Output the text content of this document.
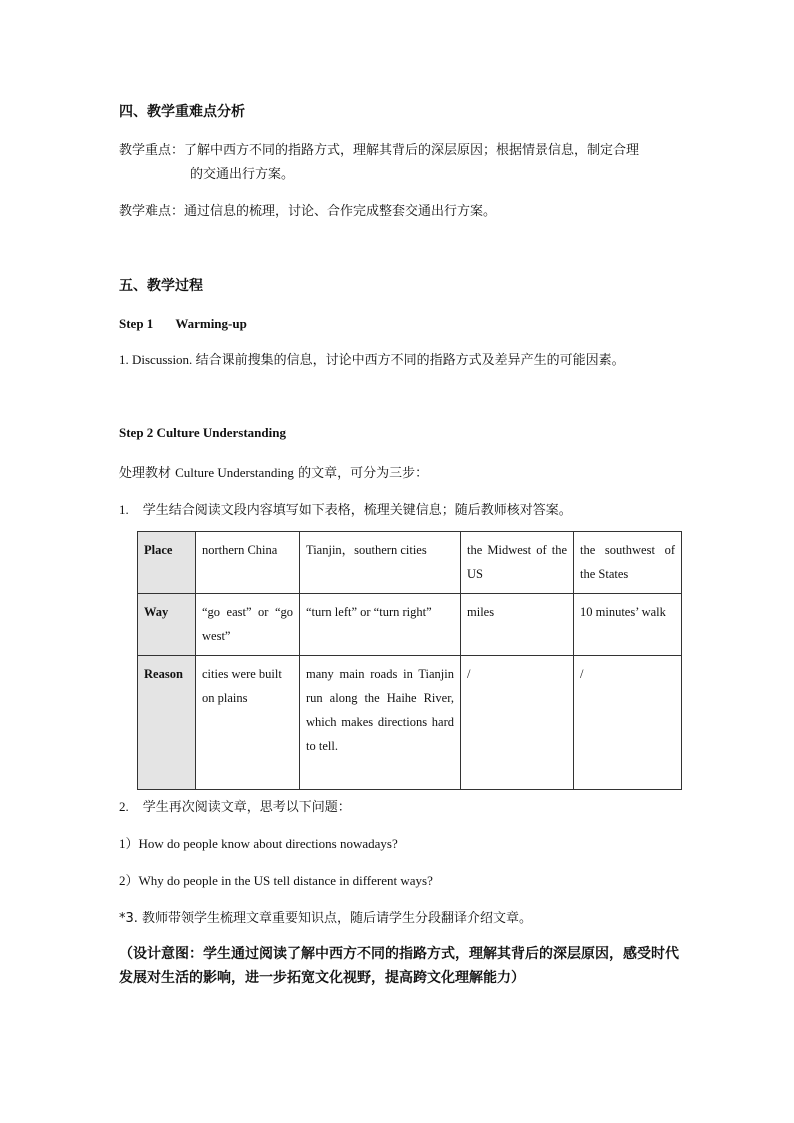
四、教学重难点分析
教学重点：了解中西方不同的指路方式，理解其背后的深层原因；根据情景信息，制定合理
的交通出行方案。
教学难点：通过信息的梳理，讨论、合作完成整套交通出行方案。
五、教学过程
Step 1 Warming-up
1. Discussion. 结合课前搜集的信息，讨论中西方不同的指路方式及差异产生的可能因素。
Step 2 Culture Understanding
处理教材 Culture Understanding 的文章，可分为三步：
1. 学生结合阅读文段内容填写如下表格，梳理关键信息；随后教师核对答案。
Place	northern China	Tianjin，southern cities	the Midwest of the US	the southwest of the States
Way	“go east” or “go west”	“turn left” or “turn right”	miles	10 minutes’ walk
Reason	cities were built on plains	many main roads in Tianjin run along the Haihe River, which makes directions hard to tell.	/	/
2. 学生再次阅读文章，思考以下问题：
1）How do people know about directions nowadays?
2）Why do people in the US tell distance in different ways?
*3. 教师带领学生梳理文章重要知识点，随后请学生分段翻译介绍文章。
（设计意图：学生通过阅读了解中西方不同的指路方式，理解其背后的深层原因，感受时代发展对生活的影响，进一步拓宽文化视野，提高跨文化理解能力）
